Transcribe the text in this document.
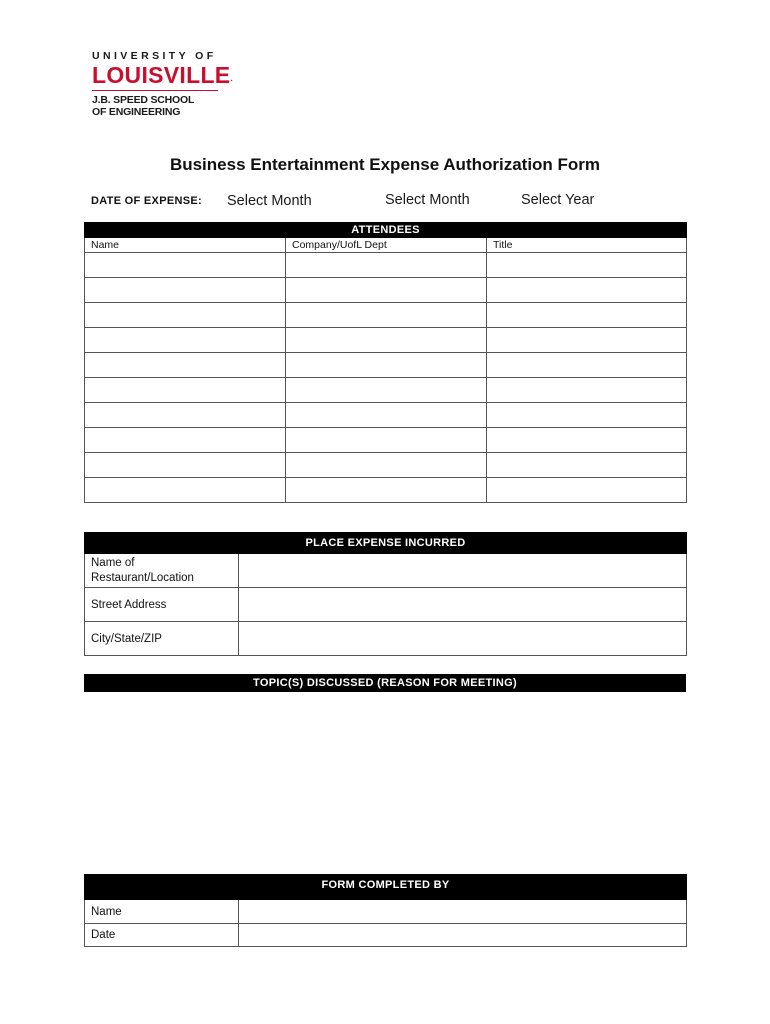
UNIVERSITY OF
LOUISVILLE.
J.B. SPEED SCHOOL
OF ENGINEERING
Business Entertainment Expense Authorization Form
DATE OF EXPENSE: Select Month	Select Month	Select Year
ATTENDEES		
Name	Company/UofL Dept	Title

PLACE EXPENSE INCURRED	

Name of
Restaurant/Location	

Street Address	
City/State/ZIP	
TOPIC(S) DISCUSSED (REASON FOR MEETING)
FORM COMPLETED BY	
Name	
Date	
